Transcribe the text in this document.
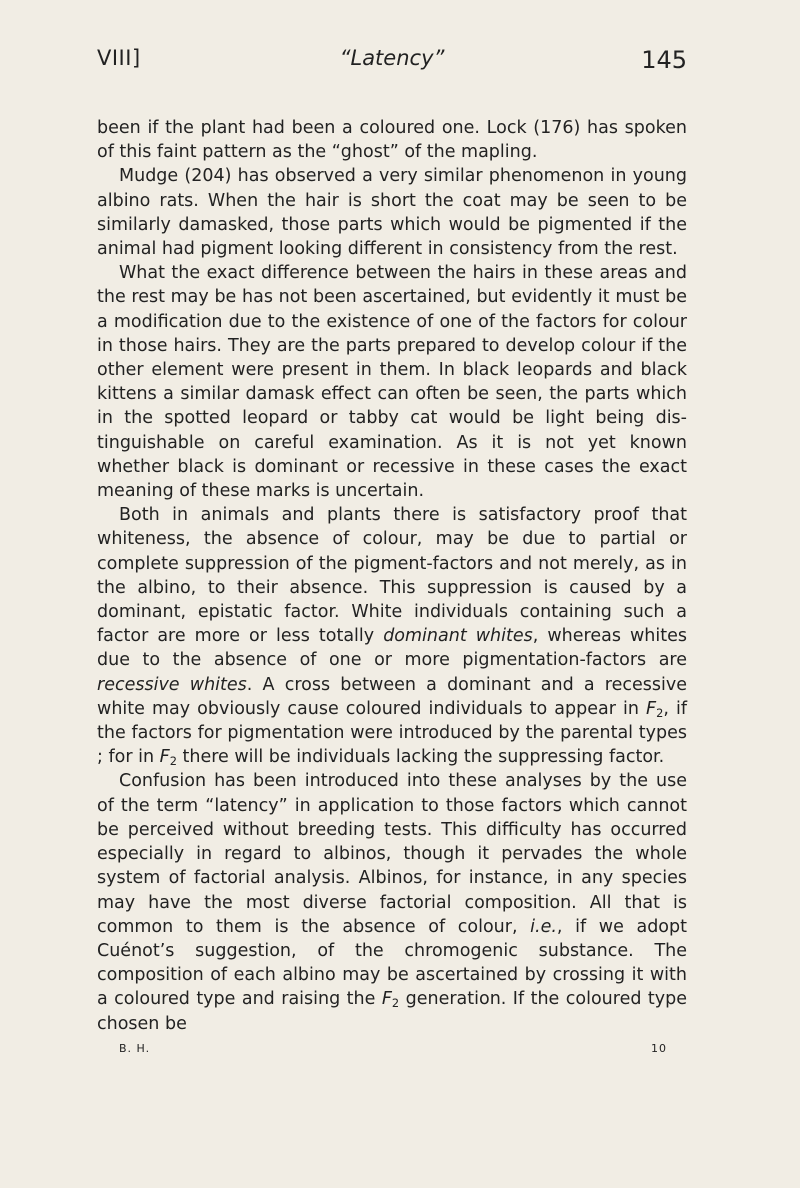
VIII]	“Latency”	145

been if the plant had been a coloured one. Lock (176) has spoken of this faint pattern as the “ghost” of the mapling.

Mudge (204) has observed a very similar phenomenon in young albino rats. When the hair is short the coat may be seen to be similarly damasked, those parts which would be pigmented if the animal had pigment looking different in consistency from the rest.

What the exact difference between the hairs in these areas and the rest may be has not been ascertained, but evidently it must be a modification due to the existence of one of the factors for colour in those hairs. They are the parts prepared to develop colour if the other element were present in them. In black leopards and black kittens a similar damask effect can often be seen, the parts which in the spotted leopard or tabby cat would be light being distinguishable on careful examination. As it is not yet known whether black is dominant or recessive in these cases the exact meaning of these marks is uncertain.

Both in animals and plants there is satisfactory proof that whiteness, the absence of colour, may be due to partial or complete suppression of the pigment-factors and not merely, as in the albino, to their absence. This suppression is caused by a dominant, epistatic factor. White individuals containing such a factor are more or less totally dominant whites, whereas whites due to the absence of one or more pigmentation-factors are recessive whites. A cross between a dominant and a recessive white may obviously cause coloured individuals to appear in $F_2$, if the factors for pigmentation were introduced by the parental types ; for in $F_2$ there will be individuals lacking the suppressing factor.

Confusion has been introduced into these analyses by the use of the term “latency” in application to those factors which cannot be perceived without breeding tests. This difficulty has occurred especially in regard to albinos, though it pervades the whole system of factorial analysis. Albinos, for instance, in any species may have the most diverse factorial composition. All that is common to them is the absence of colour, i.e., if we adopt Cuénot’s suggestion, of the chromogenic substance. The composition of each albino may be ascertained by crossing it with a coloured type and raising the $F_2$ generation. If the coloured type chosen be

B. H.	10
